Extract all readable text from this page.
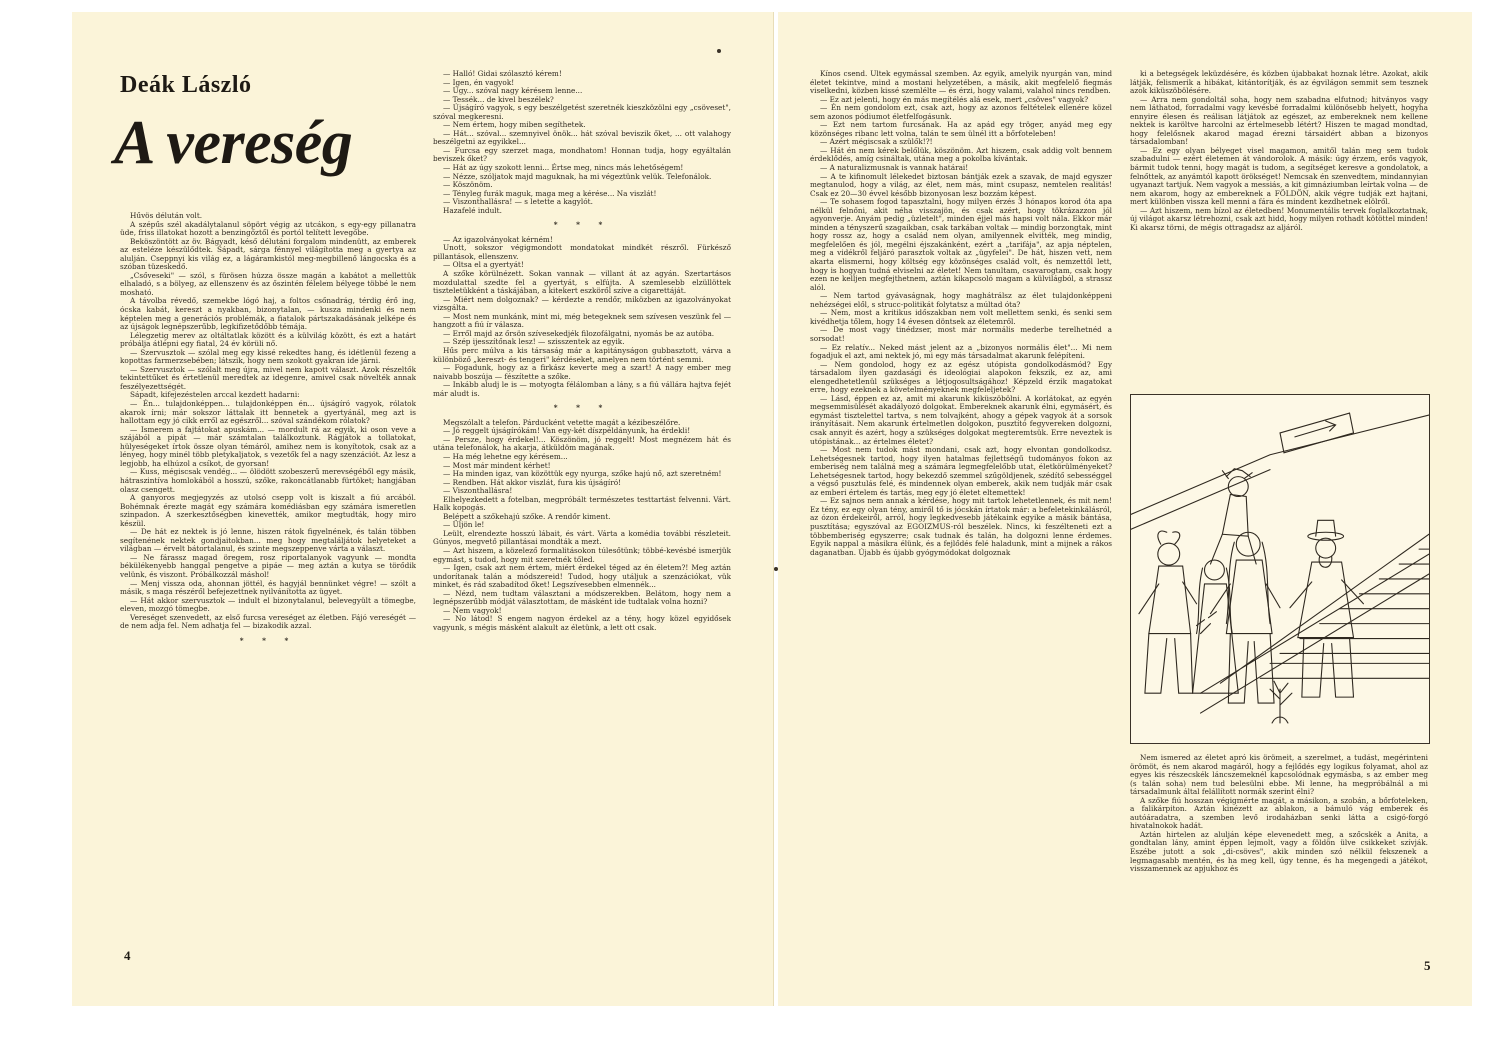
Deák László
A vereség

Hűvös délután volt.

A szépűs szél akadálytalanul söpört végig az utcákon, s egy-egy pillanatra üde, friss illatokat hozott a benzingőztől és portól telített levegőbe.

Beköszöntött az öv. Bágyadt, késő délutáni forgalom mindenütt, az emberek az esteléze készülődtek. Sápadt, sárga fénnyel világította meg a gyertya az alulján. Cseppnyi kis világ ez, a lágáramkistól meg-megbillenő lángocska és a szóban tüzeskedő.

„Csőveseki" — szól, s fürösen húzza össze magán a kabátot a mellettük elhaladó, s a bölyeg, az ellenszenv és az őszintén félelem bélyege többé le nem mosható.

A távolba révedő, szemekbe lógó haj, a foltos csőnadrág, térdig érő ing, ócska kabát, kereszt a nyakban, bizonytalan, — kusza mindenki és nem képtelen meg a generációs problémák, a fiatalok pártszakadásának jelképe és az újságok legnépszerűbb, legkifizetődőbb témája.

Lélegzetig merev az oltáltatlak között és a külvilág között, és ezt a határt próbálja átlépni egy fiatal, 24 év körüli nő.

— Szervusztok — szólal meg egy kissé rekedtes hang, és idétlenül fezeng a kopottas farmerzsebében; látszik, hogy nem szokott gyakran ide járni.

— Szervusztok — szólalt meg újra, mivel nem kapott választ. Azok részeltők tekintettűket és értetlenül meredtek az idegenre, amivel csak növelték annak feszélyezettségét.

Sápadt, kifejezéstelen arccal kezdett hadarni:

— Én... tulajdonképpen... tulajdonképpen én... újságíró vagyok, rólatok akarok írni; már sokszor láttalak itt bennetek a gyertyánál, meg azt is hallottam egy jó cikk erről az egészről... szóval szándékom rólatok?

— Ismerem a fajtátokat apuskám... — mordult rá az egyik, ki oson veve a szájából a pipát — már számtalan találkoztunk. Rágjátok a tollatokat, hülyeségeket írtok össze olyan témáról, amihez nem is konyítotok, csak az a lényeg, hogy minél több pletykaljatok, s vezetők fel a nagy szenzációt. Az lesz a legjobb, ha elhúzol a csíkot, de gyorsan!

— Kuss, mégiscsak vendég... — ölödött szobeszerű merevségéből egy másik, hátraszintíva homlokából a hosszú, szőke, rakoncátlanabb fürtöket; hangjában olasz csengett.

A ganyoros megjegyzés az utolsó csepp volt is kiszalt a fiú arcából. Bohémnak érezte magát egy számára komédiásban egy számára ismeretlen szinpadon. A szerkesztőségben kinevették, amikor megtudták, hogy miro készül.

— De hát ez nektek is jó lenne, hiszen rátok figyelnének, és talán többen segítenének nektek gondjaitokban... meg hogy megtaláljátok helyeteket a világban — érvelt bátortalanul, és szinte megszeppenve várta a választ.

— Ne fárassz magad öregem, rosz riportalanyok vagyunk — mondta békülékenyebb hanggal pengetve a pipáe — meg aztán a kutya se törődik velünk, és viszont. Próbálkozzál máshol!

— Menj vissza oda, ahonnan jöttél, és hagyjál bennünket végre! — szólt a másik, s maga részéről befejezettnek nyilvánította az ügyet.

— Hát akkor szervusztok — indult el bizonytalanul, belevegyült a tömegbe, eleven, mozgó tömegbe.

Vereséget szenvedett, az első furcsa vereséget az életben. Fájó vereségét — de nem adja fel. Nem adhatja fel — bizakodik azzal.

* * *

— Halló! Gidai szólasztó kérem!

— Igen, én vagyok!

— Úgy... szóval nagy kérésem lenne...

— Tessék... de kivel beszélek?

— Újságíró vagyok, s egy beszélgetést szeretnék kieszközölni egy „csöveset", szóval megkeresni.

— Nem értem, hogy miben segíthetek.

— Hát... szóval... szemnyivel önök... hát szóval beviszik őket, ... ott valahogy beszélgetni az egyikkel...

— Furcsa egy szerzet maga, mondhatom! Honnan tudja, hogy egyáltalán beviszek őket?

— Hát az úgy szokott lenni... Értse meg, nincs más lehetőségem!

— Nézze, szóljatok majd maguknak, ha mi végeztünk velük. Telefonálok.

— Köszönöm.

— Tényleg furák maguk, maga meg a kérése... Na viszlát!

— Viszonthallásra! — s letette a kagylót.

Hazafelé indult.

* * *

— Az igazolványokat kérném!

Unott, sokszor végigmondott mondatokat mindkét részről. Fürkésző pillantások, ellenszenv.

— Oltsa el a gyertyát!

A szőke körülnézett. Sokan vannak — villant át az agyán. Szertartásos mozdulattal szedte fel a gyertyát, s elfújta. A szemlesebb elzüllöttek tiszteletükként a táskájában, a kitekert eszköről szíve a cigarettáját.

— Miért nem dolgoznak? — kérdezte a rendőr, miközben az igazolványokat vizsgálta.

— Most nem munkánk, mint mi, még betegeknek sem szívesen veszünk fel — hangzott a fiú ír válasza.

— Erről majd az őrsön szívesekedjék filozofálgatni, nyomás be az autóba.

— Szép ijesszítőnak lesz! — szisszentek az egyik.

Hűs perc múlva a kis társaság már a kapitányságon gubbasztott, várva a különböző „kereszt- és tengeri" kérdéseket, amelyen nem történt semmi.

— Fogadunk, hogy az a firkász keverte meg a szart! A nagy ember meg naivabb boszúja — fészítette a szőke.

— Inkább aludj le is — motyogta félálomban a lány, s a fiú vállára hajtva fejét már aludt is.

* * *

Megszólalt a telefon. Párducként vetette magát a kézibeszélőre.

— Jó reggelt újságírókám! Van egy-két díszpéldányunk, ha érdekli!

— Persze, hogy érdekel!... Köszönöm, jó reggelt! Most megnézem hát és utána telefonálok, ha akarja, átküldöm magának.

— Ha még lehetne egy kérésem...

— Most már mindent kérhet!

— Ha minden igaz, van közöttük egy nyurga, szőke hajú nő, azt szeretném!

— Rendben. Hát akkor viszlát, fura kis újságíró!

— Viszonthallásra!

Elhelyezkedett a fotelban, megpróbált természetes testtartást felvenni. Várt. Halk kopogás.

Belépett a szőkehajú szőke. A rendőr kiment.

— Üljön le!

Leült, elrendezte hosszú lábait, és várt. Várta a komédia további részleteit. Gúnyos, megvető pillantásai mondták a mezt.

— Azt hiszem, a közelező formalitásokon túlesőtünk; többé-kevésbé ismerjük egymást, s tudod, hogy mit szeretnék tőled.

— Igen, csak azt nem értem, miért érdekel téged az én életem?! Meg aztán undorítanak talán a módszereid! Tudod, hogy utáljuk a szenzációkat, vük minket, és rád szabadítod őket! Legszívesebben elmennék...

— Nézd, nem tudtam választani a módszerekben. Belátom, hogy nem a legnépszerűbb módját választottam, de másként ide tudtalak volna hozni?

— Nem vagyok!

— No látod! S engem nagyon érdekel az a tény, hogy közel egyidősek vagyunk, s mégis másként alakult az életünk, a lett ott csak.

4

Kínos csend. Ültek egymással szemben. Az egyik, amelyik nyurgán van, mind életet tekintve, mind a mostani helyzetében, a másik, akit megfelelő fiegmás viselkedni, közben kissé szemlélte — és érzi, hogy valami, valahol nincs rendben.

— Ez azt jelenti, hogy én más megítélés alá esek, mert „csöves" vagyok?

— Én nem gondolom ezt, csak azt, hogy az azonos feltételek ellenére közel sem azonos pódiumot életfelfogásunk.

— Ezt nem tartom furcsának. Ha az apád egy tröger, anyád meg egy közönséges ribanc lett volna, talán te sem ülnél itt a bőrfoteleben!

— Azért mégiscsak a szülők!?!

— Hát én nem kérek belőlük, köszönöm. Azt hiszem, csak addig volt bennem érdeklődés, amíg csináltak, utána meg a pokolba kívántak.

— A naturalizmusnak is vannak határai!

— A te kifinomult lélekedet biztosan bántják ezek a szavak, de majd egyszer megtanulod, hogy a világ, az élet, nem más, mint csupasz, nemtelen realitás! Csak ez 20—30 évvel később bizonyosan lesz bozzám képest.

— Te sohasem fogod tapasztalni, hogy milyen érzés 3 hónapos korod óta apa nélkül felnőni, akit néha visszajön, és csak azért, hogy tökrázazzon jól agyonverje. Anyám pedig „üzletelt", minden éjjel más hapsi volt nála. Ekkor már minden a tényszerű szagaikban, csak tarkában voltak — mindig borzongtak, mint hogy rossz az, hogy a család nem olyan, amilyennek elvitték, meg mindig, megfelelően és jól, megélni éjszakánként, ezért a „tarifája", az apja néptelen, meg a vidékről feljáró parasztok voltak az „ügyfelei". De hát, hiszen vett, nem akarta elismerni, hogy költség egy közönséges család volt, és nemzettől lett, hogy is hogyan tudná elviselni az életet! Nem tanultam, csavarogtam, csak hogy ezen ne kelljen megfejthetnem, aztán kikapcsoló magam a külvilágból, a strassz alól.

— Nem tartod gyávaságnak, hogy maghátrálsz az élet tulajdonképpeni nehézségei elől, s strucc-politikát folytatsz a múltad óta?

— Nem, most a kritikus időszakban nem volt mellettem senki, és senki sem kivédhetja tőlem, hogy 14 évesen döntsek az életemről.

— De most vagy tinédzser, most már normális mederbe terelhetnéd a sorsodat!

— Ez relatív... Neked mást jelent az a „bizonyos normális élet"... Mi nem fogadjuk el azt, ami nektek jó, mi egy más társadalmat akarunk felépíteni.

— Nem gondolod, hogy ez az egész utópista gondolkodásmód? Egy társadalom ilyen gazdasági és ideológiai alapokon fekszik, ez az, ami elengedhetetlenül szükséges a létjogosultságához! Képzeld érzik magatokat erre, hogy ezeknek a követelményeknek megfeleljetek?

— Lásd, éppen ez az, amit mi akarunk kiküszöbölni. A korlátokat, az egyén megsemmisülését akadályozó dolgokat. Embereknek akarunk élni, egymásért, és egymást tisztelettel tartva, s nem tolvajként, ahogy a gépek vagyok át a sorsok irányításait. Nem akarunk értelmetlen dolgokon, pusztító fegyvereken dolgozni, csak annyit és azért, hogy a szükséges dolgokat megteremtsük. Erre neveztek is utópistának... az értelmes életet?

— Most nem tudok mást mondani, csak azt, hogy elvontan gondolkodsz. Lehetségesnek tartod, hogy ilyen hatalmas fejlettségű tudományos fokon az emberiség nem találná meg a számára legmegfelelőbb utat, életkörülményeket? Lehetségesnek tartod, hogy bekezdő szemmel szűgöldjenek, szédítő sebességgel a végső pusztulás felé, és mindennek olyan emberek, akik nem tudják már csak az emberi értelem és tartás, meg egy jó életet eltemettek!

— Ez sajnos nem annak a kérdése, hogy mit tartok lehetetlennek, és mit nem! Ez tény, ez egy olyan tény, amiről tő is jócskán írtatok már: a befeletekinkálásról, az ózon érdekeiről, arról, hogy legkedvesebb játékaink egyike a másik bántása, pusztítása; egyszóval az EGOIZMUS-ról beszélek. Nincs, ki feszélteneti ezt a többemberiség egyszerre; csak tudnak és talán, ha dolgozni lenne érdemes. Egyik nappal a másikra élünk, és a fejlődés felé haladunk, mint a mijnek a rákos daganatban. Újabb és újabb gyógymódokat dolgoznak

ki a betegségek leküzdésére, és közben újabbakat hoznak létre. Azokat, akik látják, felismerik a hibákat, kitántorítják, és az égvilágon semmit sem tesznek azok kiküszöbölésére.

— Arra nem gondoltál soha, hogy nem szabadna elfutnod; hitványos vagy nem láthatod, forradalmi vagy kevésbé forradalmi különösebb helyett, hogyha ennyire élesen és reálisan látjátok az egészet, az embereknek nem kellene nektek is karöltve harcolni az értelmesebb létért? Hiszen te magad mondtad, hogy felelősnek akarod magad érezni társaidért abban a bizonyos társadalomban!

— Ez egy olyan bélyeget visel magamon, amitől talán meg sem tudok szabadulni — ezért életemen át vándorolok. A másik: úgy érzem, erős vagyok, bármit tudok tenni, hogy magát is tudom, a segítséget keresve a gondolatok, a felnőttek, az anyámtól kapott örökséget! Nemcsak én szenvedtem, mindannyian ugyanazt tartjuk. Nem vagyok a messiás, a kit gimnáziumban leírtak volna — de nem akarom, hogy az embereknek a FÖLDÖN, akik végre tudják ezt hajtani, mert különben vissza kell menni a fára és mindent kezdhetnek elölről.

— Azt hiszem, nem bízol az életedben! Monumentális tervek foglalkoztatnak, új világot akarsz létrehozni, csak azt hidd, hogy milyen rothadt kötöttel minden! Ki akarsz törni, de mégis ottragadsz az aljáról.

Nem ismered az életet apró kis örömeit, a szerelmet, a tudást, megérinteni örömöt, és nem akarod magáról, hogy a fejlődés egy logikus folyamat, ahol az egyes kis részecskék láncszemeknél kapcsolódnak egymásba, s az ember meg (s talán soha) nem tud belesülni ebbe. Mi lenne, ha megpróbálnál a mi társadalmunk által felállított normák szerint élni?

A szőke fiú hosszan végigmérte magát, a másikon, a szobán, a bőrfoteleken, a falikárpiton. Aztán kinézett az ablakon, a bámuló vág emberek és autóáradatra, a szemben levő irodaházban senki látta a csigó-forgó hivatalnokok hadát.

Aztán hirtelen az alulján képe elevenedett meg, a szőcskék a Anita, a gondtalan lány, amint éppen lejmolt, vagy a földön ülve csikkeket szívják. Eszébe jutott a sok „di-csöves", akik minden szó nélkül fekszenek a legmagasabb mentén, és ha meg kell, úgy tenne, és ha megengedi a játékot, visszamennek az apjukhoz és

5
